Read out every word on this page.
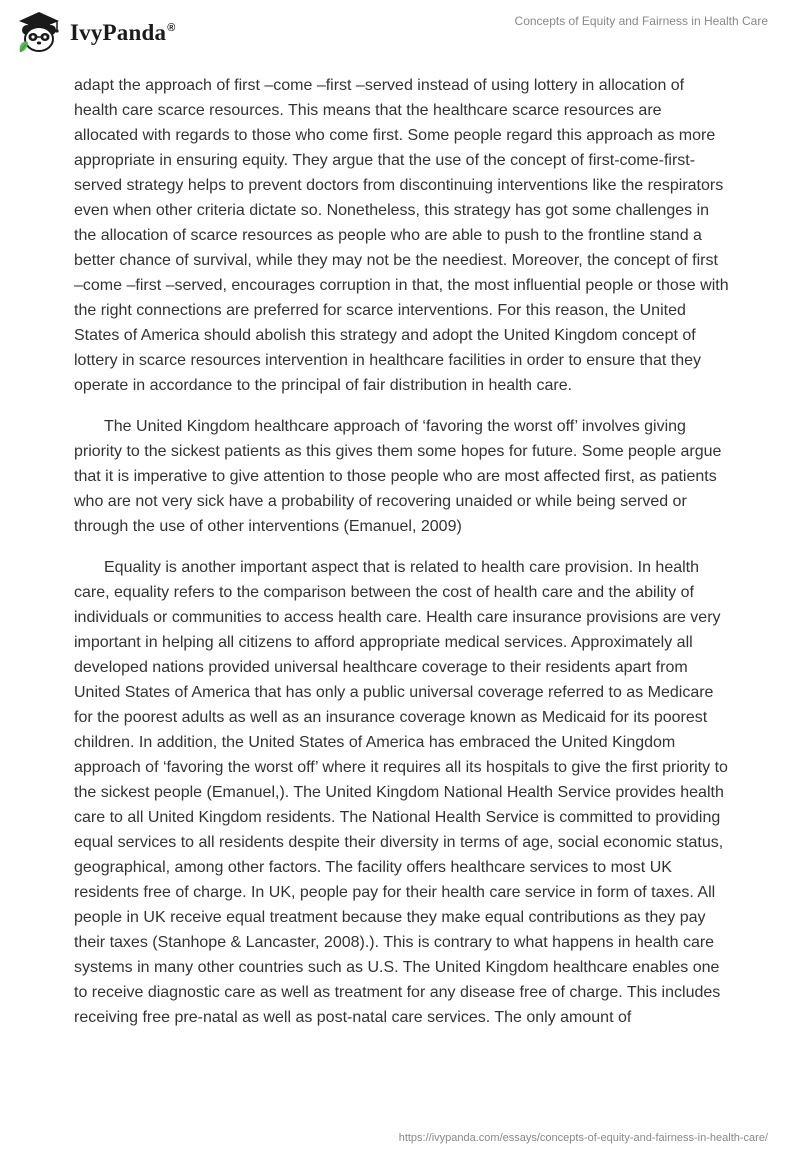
IvyPanda®	Concepts of Equity and Fairness in Health Care

adapt the approach of first –come –first –served instead of using lottery in allocation of health care scarce resources. This means that the healthcare scarce resources are allocated with regards to those who come first. Some people regard this approach as more appropriate in ensuring equity. They argue that the use of the concept of first-come-first-served strategy helps to prevent doctors from discontinuing interventions like the respirators even when other criteria dictate so. Nonetheless, this strategy has got some challenges in the allocation of scarce resources as people who are able to push to the frontline stand a better chance of survival, while they may not be the neediest. Moreover, the concept of first –come –first –served, encourages corruption in that, the most influential people or those with the right connections are preferred for scarce interventions. For this reason, the United States of America should abolish this strategy and adopt the United Kingdom concept of lottery in scarce resources intervention in healthcare facilities in order to ensure that they operate in accordance to the principal of fair distribution in health care.

The United Kingdom healthcare approach of ‘favoring the worst off’ involves giving priority to the sickest patients as this gives them some hopes for future. Some people argue that it is imperative to give attention to those people who are most affected first, as patients who are not very sick have a probability of recovering unaided or while being served or through the use of other interventions (Emanuel, 2009)

Equality is another important aspect that is related to health care provision. In health care, equality refers to the comparison between the cost of health care and the ability of individuals or communities to access health care. Health care insurance provisions are very important in helping all citizens to afford appropriate medical services. Approximately all developed nations provided universal healthcare coverage to their residents apart from United States of America that has only a public universal coverage referred to as Medicare for the poorest adults as well as an insurance coverage known as Medicaid for its poorest children. In addition, the United States of America has embraced the United Kingdom approach of ‘favoring the worst off’ where it requires all its hospitals to give the first priority to the sickest people (Emanuel,). The United Kingdom National Health Service provides health care to all United Kingdom residents. The National Health Service is committed to providing equal services to all residents despite their diversity in terms of age, social economic status, geographical, among other factors. The facility offers healthcare services to most UK residents free of charge. In UK, people pay for their health care service in form of taxes. All people in UK receive equal treatment because they make equal contributions as they pay their taxes (Stanhope & Lancaster, 2008).). This is contrary to what happens in health care systems in many other countries such as U.S. The United Kingdom healthcare enables one to receive diagnostic care as well as treatment for any disease free of charge. This includes receiving free pre-natal as well as post-natal care services. The only amount of

https://ivypanda.com/essays/concepts-of-equity-and-fairness-in-health-care/
